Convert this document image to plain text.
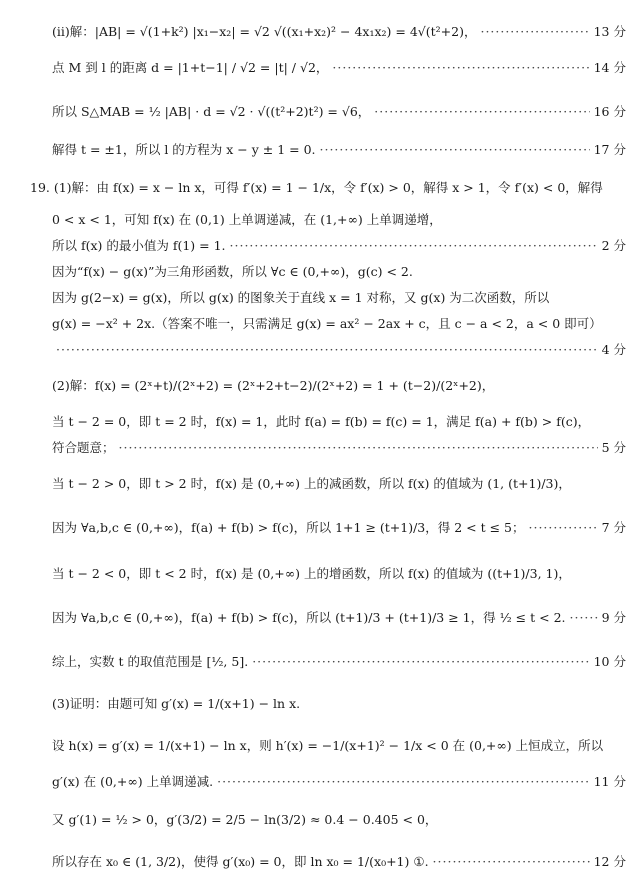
(ii)解：|AB| = √(1+k²) |x₁−x₂| = √2 √((x₁+x₂)² − 4x₁x₂) = 4√(t²+2)， ·····	13 分
点 M 到 l 的距离 d = |1+t−1| / √2 = |t| / √2， ·····	14 分
所以 S△MAB = ½ |AB| · d = √2 · √((t²+2)t²) = √6， ·····	16 分
解得 t = ±1，所以 l 的方程为 x − y ± 1 = 0. ·····	17 分
19. (1)解：由 f(x) = x − ln x，可得 f′(x) = 1 − 1/x，令 f′(x) > 0，解得 x > 1，令 f′(x) < 0，解得
0 < x < 1，可知 f(x) 在 (0,1) 上单调递减，在 (1,+∞) 上单调递增，
所以 f(x) 的最小值为 f(1) = 1. ·····	2 分
因为“f(x) − g(x)”为三角形函数，所以 ∀c ∈ (0,+∞)，g(c) < 2.
因为 g(2−x) = g(x)，所以 g(x) 的图象关于直线 x = 1 对称，又 g(x) 为二次函数，所以
g(x) = −x² + 2x.（答案不唯一，只需满足 g(x) = ax² − 2ax + c，且 c − a < 2，a < 0 即可）
·····
4 分
(2)解：f(x) = (2ˣ+t)/(2ˣ+2) = (2ˣ+2+t−2)/(2ˣ+2) = 1 + (t−2)/(2ˣ+2)，
当 t − 2 = 0，即 t = 2 时，f(x) = 1，此时 f(a) = f(b) = f(c) = 1，满足 f(a) + f(b) > f(c)，
符合题意； ·····	5 分
当 t − 2 > 0，即 t > 2 时，f(x) 是 (0,+∞) 上的减函数，所以 f(x) 的值域为 (1, (t+1)/3)，
因为 ∀a,b,c ∈ (0,+∞)，f(a) + f(b) > f(c)，所以 1+1 ≥ (t+1)/3，得 2 < t ≤ 5； ·····	7 分
当 t − 2 < 0，即 t < 2 时，f(x) 是 (0,+∞) 上的增函数，所以 f(x) 的值域为 ((t+1)/3, 1)，
因为 ∀a,b,c ∈ (0,+∞)，f(a) + f(b) > f(c)，所以 (t+1)/3 + (t+1)/3 ≥ 1，得 ½ ≤ t < 2. ·····	9 分
综上，实数 t 的取值范围是 [½, 5]. ·····	10 分
(3)证明：由题可知 g′(x) = 1/(x+1) − ln x.
设 h(x) = g′(x) = 1/(x+1) − ln x，则 h′(x) = −1/(x+1)² − 1/x < 0 在 (0,+∞) 上恒成立，所以
g′(x) 在 (0,+∞) 上单调递减. ·····	11 分
又 g′(1) = ½ > 0，g′(3/2) = 2/5 − ln(3/2) ≈ 0.4 − 0.405 < 0，
所以存在 x₀ ∈ (1, 3/2)，使得 g′(x₀) = 0，即 ln x₀ = 1/(x₀+1) ①. ·····	12 分
